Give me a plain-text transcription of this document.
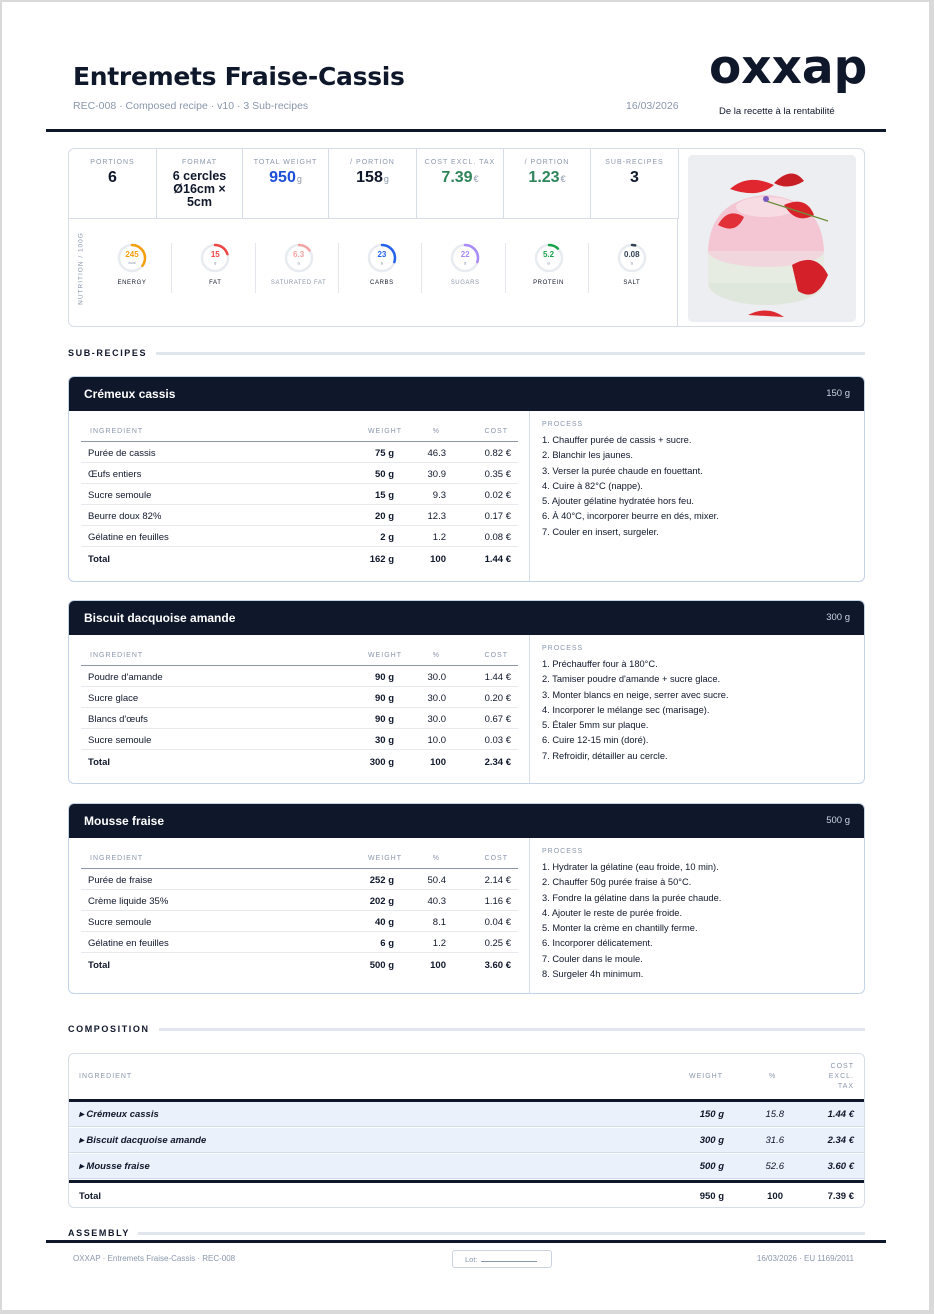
Entremets Fraise-Cassis
REC-008 · Composed recipe · v10 · 3 Sub-recipes	16/03/2026
oxxap
De la recette à la rentabilité
PORTIONS
6
FORMAT
6 cercles Ø16cm × 5cm
TOTAL WEIGHT
950g
/ PORTION
158g
COST EXCL. TAX
7.39€
/ PORTION
1.23€
SUB-RECIPES
3
NUTRITION / 100G	245
kcal
ENERGY
15
g
FAT
6.3
g
SATURATED FAT
23
g
CARBS
22
g
SUGARS
5.2
g
PROTEIN
0.08
g
SALT
SUB-RECIPES
Crémeux cassis	150 g
INGREDIENT	WEIGHT	%	COST
Purée de cassis	75 g	46.3	0.82 €
Œufs entiers	50 g	30.9	0.35 €
Sucre semoule	15 g	9.3	0.02 €
Beurre doux 82%	20 g	12.3	0.17 €
Gélatine en feuilles	2 g	1.2	0.08 €
Total	162 g	100	1.44 €
PROCESS
1. Chauffer purée de cassis + sucre.
2. Blanchir les jaunes.
3. Verser la purée chaude en fouettant.
4. Cuire à 82°C (nappe).
5. Ajouter gélatine hydratée hors feu.
6. À 40°C, incorporer beurre en dés, mixer.
7. Couler en insert, surgeler.
Biscuit dacquoise amande	300 g
INGREDIENT	WEIGHT	%	COST
Poudre d'amande	90 g	30.0	1.44 €
Sucre glace	90 g	30.0	0.20 €
Blancs d'œufs	90 g	30.0	0.67 €
Sucre semoule	30 g	10.0	0.03 €
Total	300 g	100	2.34 €
PROCESS
1. Préchauffer four à 180°C.
2. Tamiser poudre d'amande + sucre glace.
3. Monter blancs en neige, serrer avec sucre.
4. Incorporer le mélange sec (marisage).
5. Étaler 5mm sur plaque.
6. Cuire 12-15 min (doré).
7. Refroidir, détailler au cercle.
Mousse fraise	500 g
INGREDIENT	WEIGHT	%	COST
Purée de fraise	252 g	50.4	2.14 €
Crème liquide 35%	202 g	40.3	1.16 €
Sucre semoule	40 g	8.1	0.04 €
Gélatine en feuilles	6 g	1.2	0.25 €
Total	500 g	100	3.60 €
PROCESS
1. Hydrater la gélatine (eau froide, 10 min).
2. Chauffer 50g purée fraise à 50°C.
3. Fondre la gélatine dans la purée chaude.
4. Ajouter le reste de purée froide.
5. Monter la crème en chantilly ferme.
6. Incorporer délicatement.
7. Couler dans le moule.
8. Surgeler 4h minimum.
COMPOSITION
INGREDIENT	WEIGHT	%
COST
EXCL.
TAX
▸ Crémeux cassis	150 g	15.8	1.44 €
▸ Biscuit dacquoise amande	300 g	31.6	2.34 €
▸ Mousse fraise	500 g	52.6	3.60 €
Total	950 g	100	7.39 €
ASSEMBLY
OXXAP · Entremets Fraise-Cassis · REC-008	Lot:	16/03/2026 · EU 1169/2011
